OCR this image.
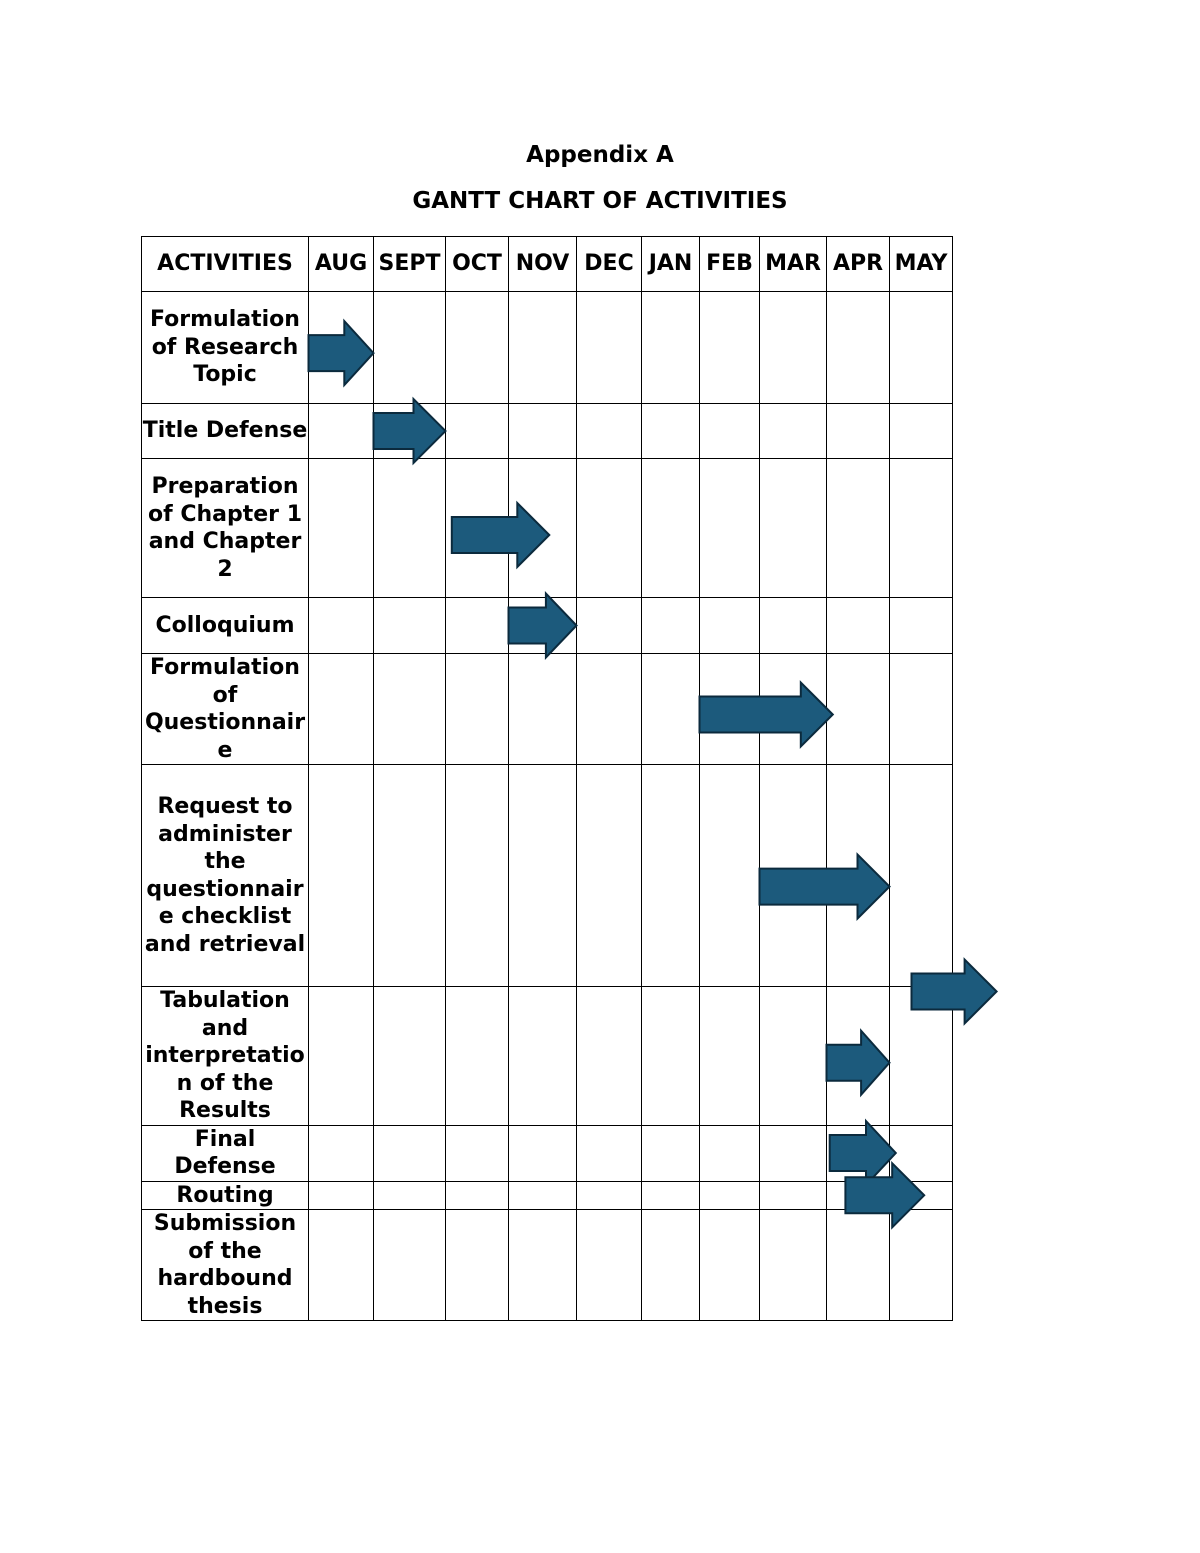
Appendix A

GANTT CHART OF ACTIVITIES

ACTIVITIES	AUG	SEPT	OCT	NOV	DEC	JAN	FEB	MAR	APR	MAY
Formulation of Research Topic										
Title Defense										
Preparation of Chapter 1 and Chapter 2										
Colloquium										
Formulation of Questionnaire										
Request to administer the questionnaire checklist and retrieval										
Tabulation and interpretation of the Results										
Final Defense										
Routing										
Submission of the hardbound thesis										
